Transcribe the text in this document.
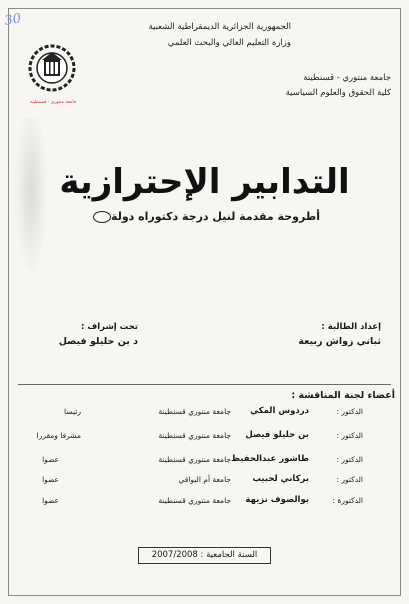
30	الجمهورية الجزائرية الديمقراطية الشعبية
وزارة التعليم العالي والبحث العلمي
جامعة منتوري - قسنطينة
كلية الحقوق والعلوم السياسية
جامعة منتوري - قسنطينة
التدابير الإحترازية
أطروحة مقدمة لنيل درجة دكتوراه دولة
إعداد الطالبة :
ثباني زواش ربيعة
تحت إشراف :
د بن حليلو فيصل
أعضاء لجنة المناقشة :
الدكتور :
دردوس المكي
جامعة منتوري قسنطينة
رئيسا
الدكتور :
بن حليلو فيصل
جامعة منتوري قسنطينة
مشرفا ومقررا
الدكتور :
طاشور عبدالحفيظ
جامعة منتوري قسنطينة
عضوا
الدكتور :
بركاني لحبيب
جامعة أم البواقي
عضوا
الدكتورة :
بوالصوف نزيهة
جامعة منتوري قسنطينة
عضوا
السنة الجامعية : 2007/2008
